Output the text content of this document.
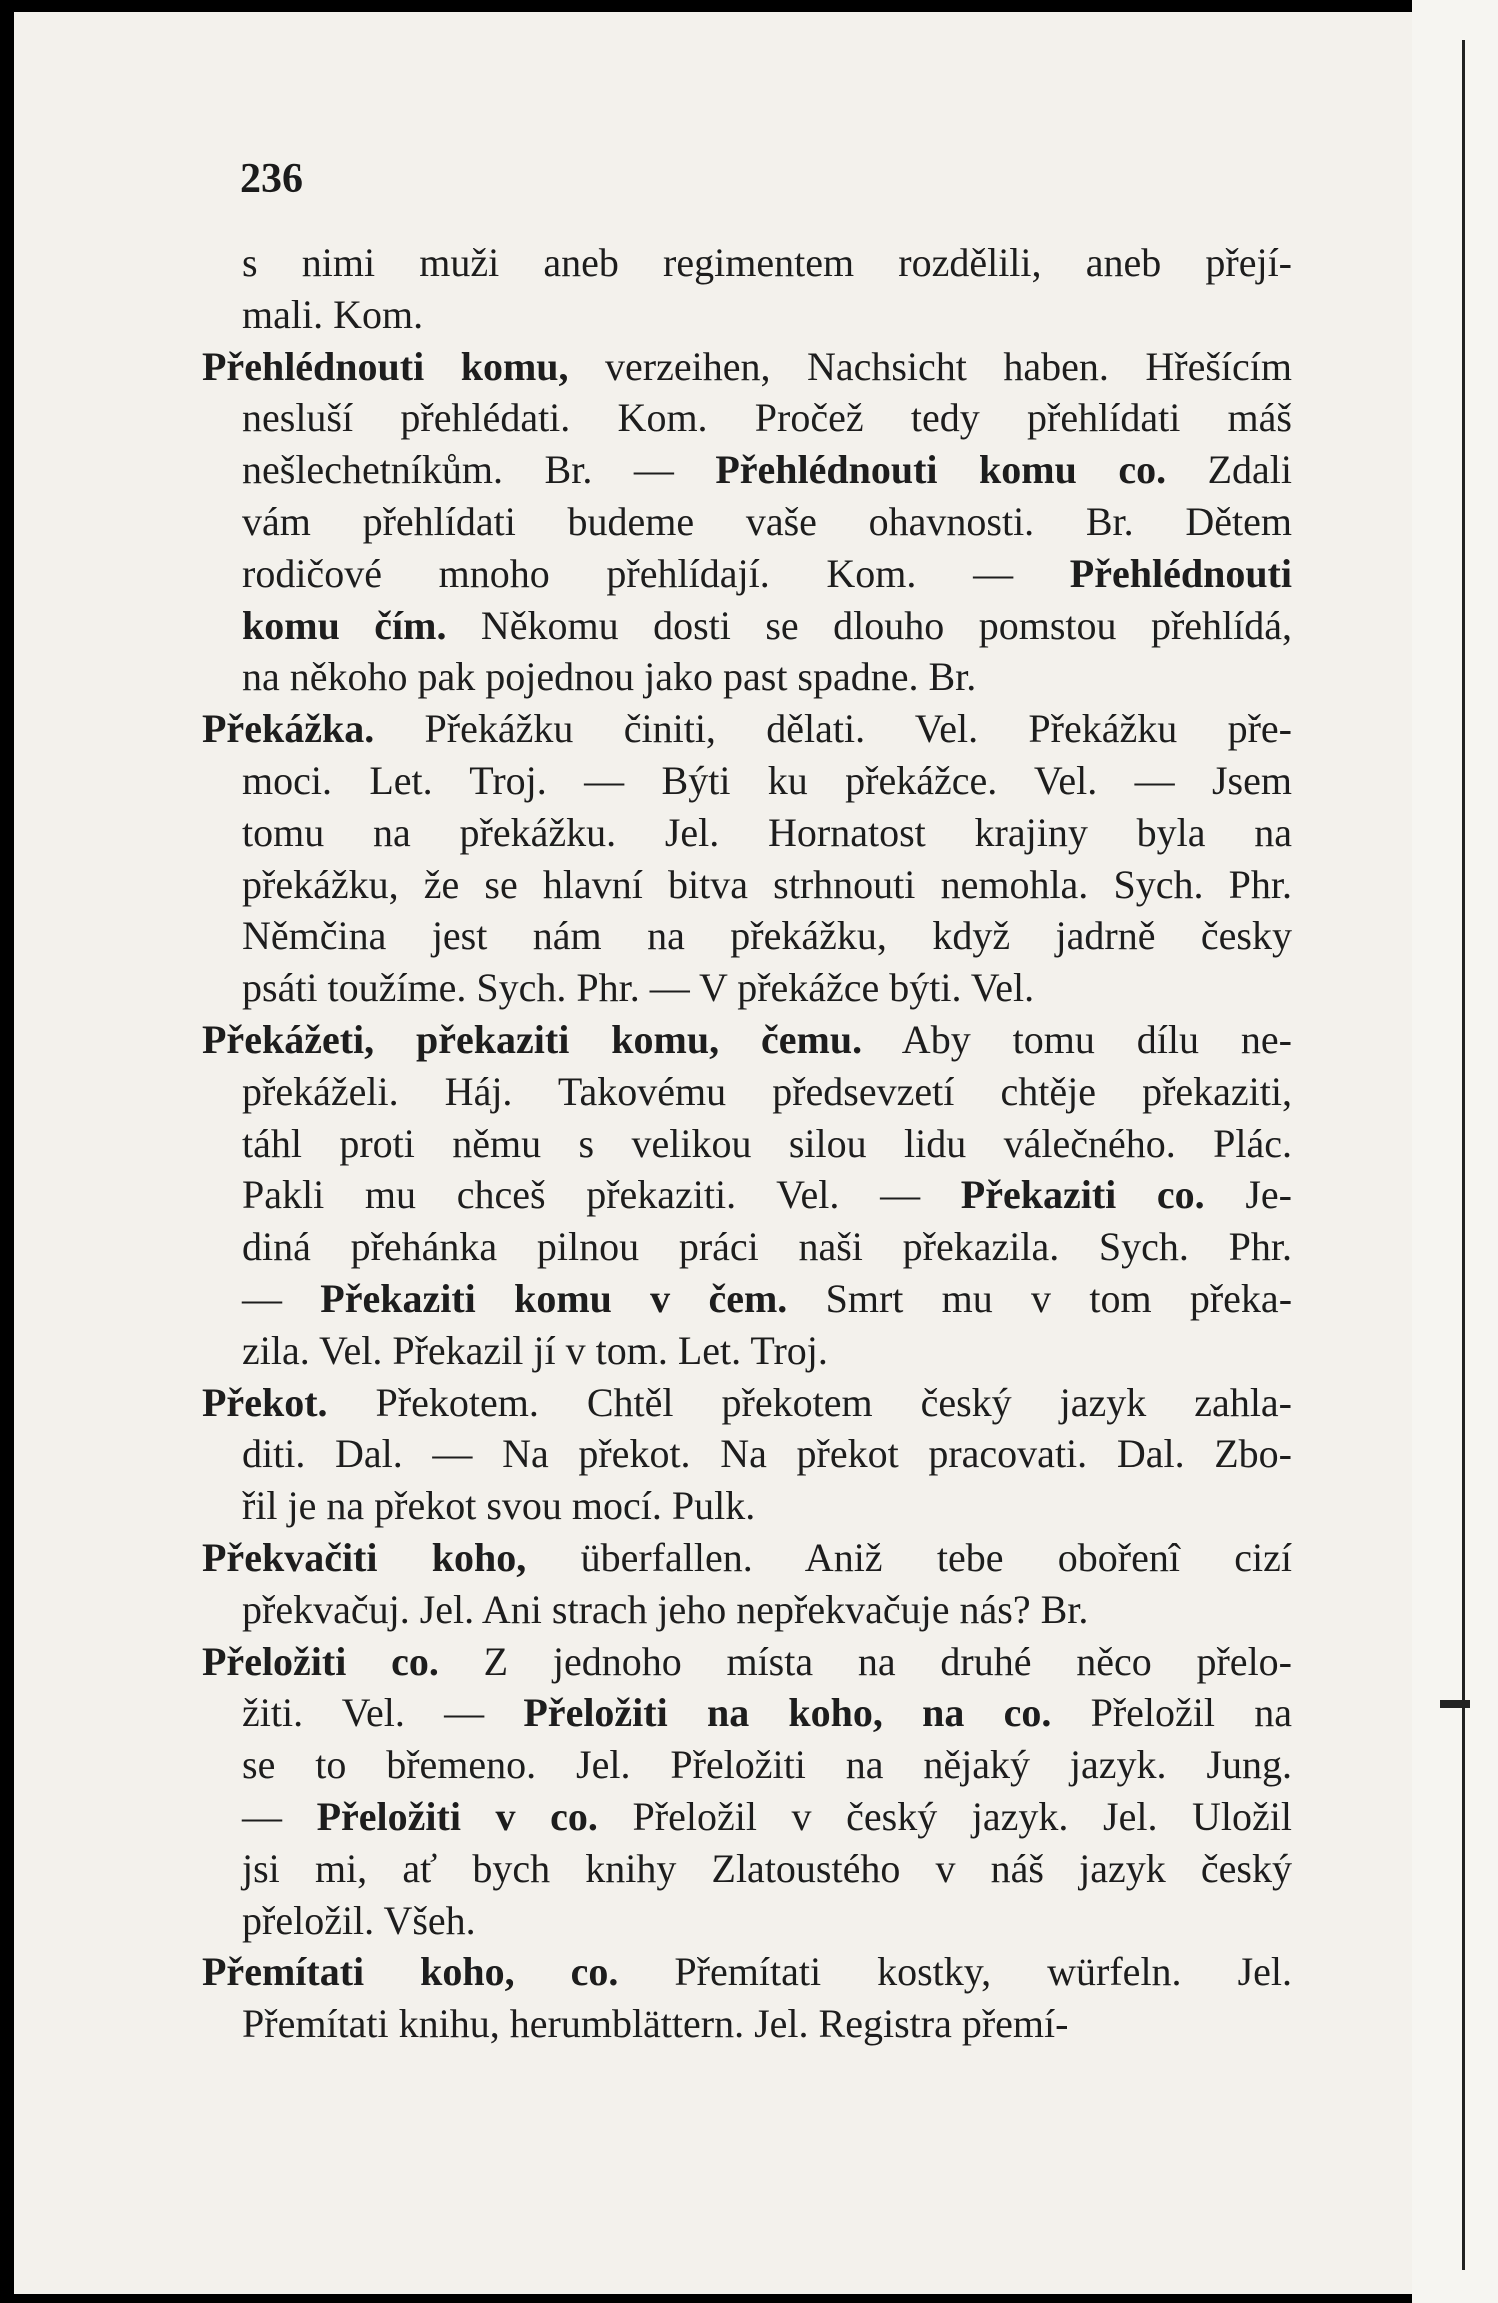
236
s nimi muži aneb regimentem rozdělili, aneb přejí-
mali. Kom.
Přehlédnouti komu, verzeihen, Nachsicht haben. Hřešícím
nesluší přehlédati. Kom. Pročež tedy přehlídati máš
nešlechetníkům. Br. — Přehlédnouti komu co. Zdali
vám přehlídati budeme vaše ohavnosti. Br. Dětem
rodičové mnoho přehlídají. Kom. — Přehlédnouti
komu čím. Někomu dosti se dlouho pomstou přehlídá,
na někoho pak pojednou jako past spadne. Br.
Překážka. Překážku činiti, dělati. Vel. Překážku pře-
moci. Let. Troj. — Býti ku překážce. Vel. — Jsem
tomu na překážku. Jel. Hornatost krajiny byla na
překážku, že se hlavní bitva strhnouti nemohla. Sych. Phr.
Němčina jest nám na překážku, když jadrně česky
psáti toužíme. Sych. Phr. — V překážce býti. Vel.
Překážeti, překaziti komu, čemu. Aby tomu dílu ne-
překáželi. Háj. Takovému předsevzetí chtěje překaziti,
táhl proti němu s velikou silou lidu válečného. Plác.
Pakli mu chceš překaziti. Vel. — Překaziti co. Je-
diná přehánka pilnou práci naši překazila. Sych. Phr.
— Překaziti komu v čem. Smrt mu v tom překa-
zila. Vel. Překazil jí v tom. Let. Troj.
Překot. Překotem. Chtěl překotem český jazyk zahla-
diti. Dal. — Na překot. Na překot pracovati. Dal. Zbo-
řil je na překot svou mocí. Pulk.
Překvačiti koho, überfallen. Aniž tebe obořenî cizí
překvačuj. Jel. Ani strach jeho nepřekvačuje nás? Br.
Přeložiti co. Z jednoho místa na druhé něco přelo-
žiti. Vel. — Přeložiti na koho, na co. Přeložil na
se to břemeno. Jel. Přeložiti na nějaký jazyk. Jung.
— Přeložiti v co. Přeložil v český jazyk. Jel. Uložil
jsi mi, ať bych knihy Zlatoustého v náš jazyk český
přeložil. Všeh.
Přemítati koho, co. Přemítati kostky, würfeln. Jel.
Přemítati knihu, herumblättern. Jel. Registra přemí-
